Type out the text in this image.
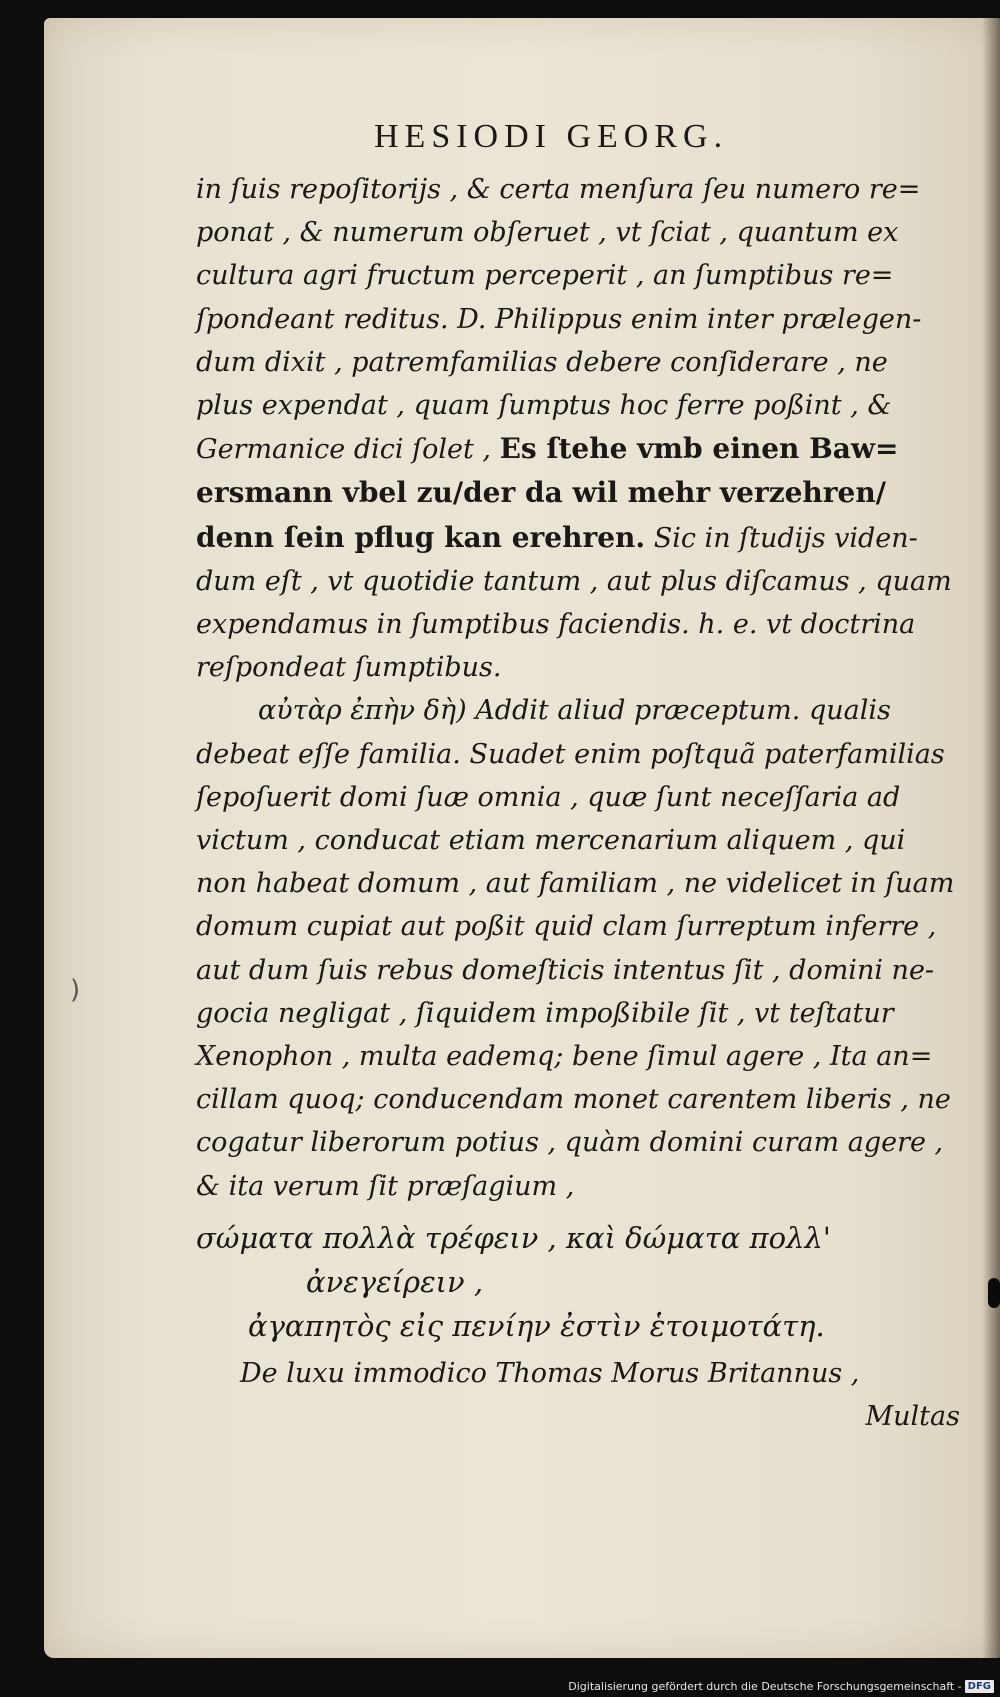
HESIODI GEORG.
in ſuis repoſitorijs , & certa menſura ſeu numero re=
ponat , & numerum obſeruet , vt ſciat , quantum ex
cultura agri fructum perceperit , an ſumptibus re=
ſpondeant reditus. D. Philippus enim inter prælegen-
dum dixit , patremfamilias debere conſiderare , ne
plus expendat , quam ſumptus hoc ferre poßint , &
Germanice dici ſolet , Es ſtehe vmb einen Baw=
ersmann vbel zu/der da wil mehr verzehren/
denn ſein pflug kan erehren. Sic in ſtudijs viden-
dum eſt , vt quotidie tantum , aut plus diſcamus , quam
expendamus in ſumptibus faciendis. h. e. vt doctrina
reſpondeat ſumptibus.
αὐτὰρ ἐπὴν δὴ) Addit aliud præceptum. qualis
debeat eſſe familia. Suadet enim poſtquã paterfamilias
ſepoſuerit domi ſuæ omnia , quæ ſunt neceſſaria ad
victum , conducat etiam mercenarium aliquem , qui
non habeat domum , aut familiam , ne videlicet in ſuam
domum cupiat aut poßit quid clam ſurreptum inferre ,
aut dum ſuis rebus domeſticis intentus ſit , domini ne-
gocia negligat , ſiquidem impoßibile ſit , vt teſtatur
Xenophon , multa eademq; bene ſimul agere , Ita an=
cillam quoq; conducendam monet carentem liberis , ne
cogatur liberorum potius , quàm domini curam agere ,
& ita verum ſit præſagium ,
σώματα πολλὰ τρέφειν , καὶ δώματα πολλ'
ἀνεγείρειν ,
ἀγαπητὸς εἰς πενίην ἐστὶν ἑτοιμοτάτη.
De luxu immodico Thomas Morus Britannus ,
Multas
)
Digitalisierung gefördert durch die Deutsche Forschungsgemeinschaft - DFG
